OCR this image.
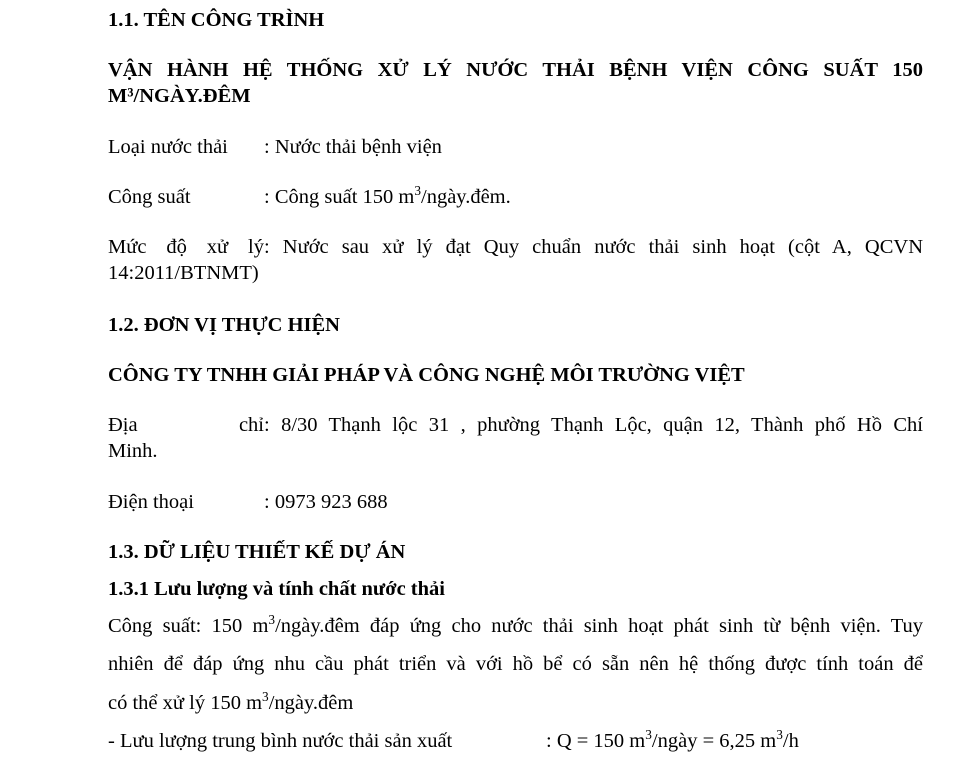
1.1. TÊN CÔNG TRÌNH
VẬN HÀNH HỆ THỐNG XỬ LÝ NƯỚC THẢI BỆNH VIỆN CÔNG SUẤT 150
M³/NGÀY.ĐÊM
Loại nước thải : Nước thải bệnh viện
Công suất	: Công suất 150 $m^3/ngày.đêm$.
Mức độ xử lý: Nước sau xử lý đạt Quy chuẩn nước thải sinh hoạt (cột A, QCVN
14:2011/BTNMT)
1.2. ĐƠN VỊ THỰC HIỆN
CÔNG TY TNHH GIẢI PHÁP VÀ CÔNG NGHỆ MÔI TRƯỜNG VIỆT
Địa chỉ: 8/30 Thạnh lộc 31 , phường Thạnh Lộc, quận 12, Thành phố Hồ Chí
Minh.
Điện thoại	: 0973 923 688
1.3. DỮ LIỆU THIẾT KẾ DỰ ÁN
1.3.1 Lưu lượng và tính chất nước thải
Công suất: 150 $m^3/ngày.đêm$ đáp ứng cho nước thải sinh hoạt phát sinh từ bệnh viện. Tuy
nhiên để đáp ứng nhu cầu phát triển và với hồ bể có sẵn nên hệ thống được tính toán để
có thể xử lý 150 $m^3/ngày.đêm$
- Lưu lượng trung bình nước thải sản xuất	: Q = 150 $m^3$/ngày = 6,25 $m^3/h$
